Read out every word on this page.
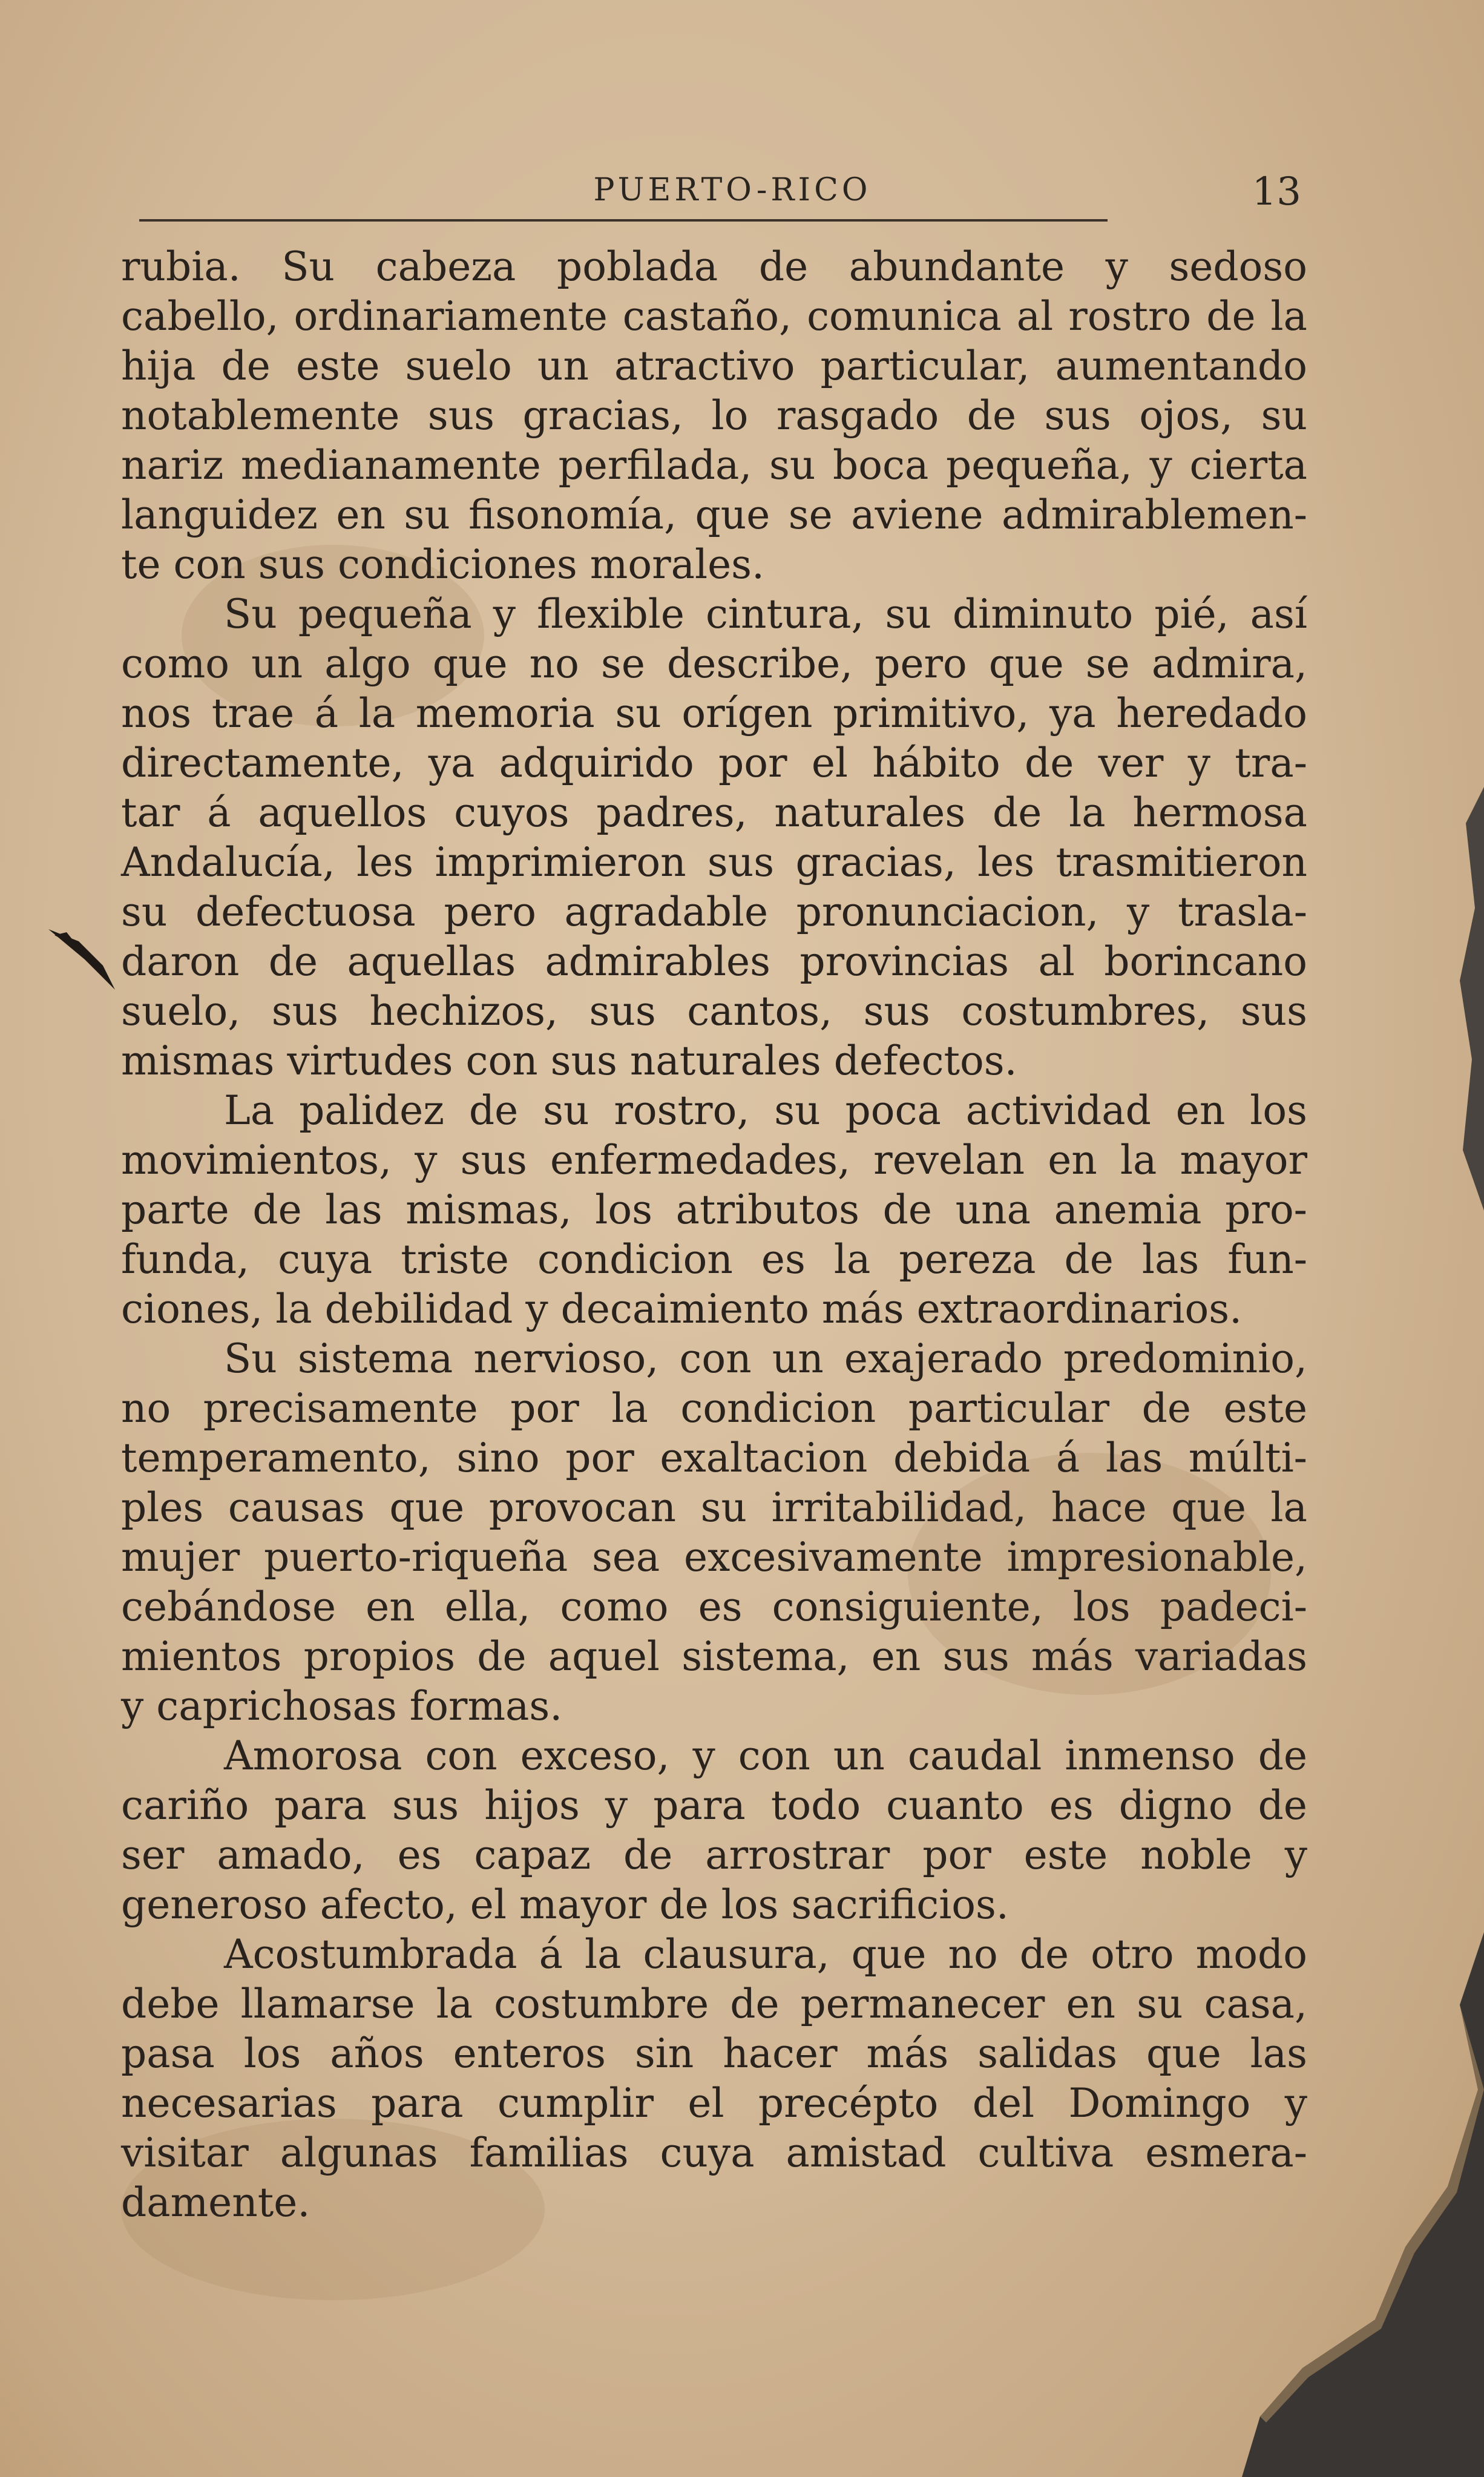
PUERTO-RICO	13
rubia. Su cabeza poblada de abundante y sedoso
cabello, ordinariamente castaño, comunica al rostro de la
hija de este suelo un atractivo particular, aumentando
notablemente sus gracias, lo rasgado de sus ojos, su
nariz medianamente perfilada, su boca pequeña, y cierta
languidez en su fisonomía, que se aviene admirablemen-
te con sus condiciones morales.
Su pequeña y flexible cintura, su diminuto pié, así
como un algo que no se describe, pero que se admira,
nos trae á la memoria su orígen primitivo, ya heredado
directamente, ya adquirido por el hábito de ver y tra-
tar á aquellos cuyos padres, naturales de la hermosa
Andalucía, les imprimieron sus gracias, les trasmitieron
su defectuosa pero agradable pronunciacion, y trasla-
daron de aquellas admirables provincias al borincano
suelo, sus hechizos, sus cantos, sus costumbres, sus
mismas virtudes con sus naturales defectos.
La palidez de su rostro, su poca actividad en los
movimientos, y sus enfermedades, revelan en la mayor
parte de las mismas, los atributos de una anemia pro-
funda, cuya triste condicion es la pereza de las fun-
ciones, la debilidad y decaimiento más extraordinarios.
Su sistema nervioso, con un exajerado predominio,
no precisamente por la condicion particular de este
temperamento, sino por exaltacion debida á las múlti-
ples causas que provocan su irritabilidad, hace que la
mujer puerto-riqueña sea excesivamente impresionable,
cebándose en ella, como es consiguiente, los padeci-
mientos propios de aquel sistema, en sus más variadas
y caprichosas formas.
Amorosa con exceso, y con un caudal inmenso de
cariño para sus hijos y para todo cuanto es digno de
ser amado, es capaz de arrostrar por este noble y
generoso afecto, el mayor de los sacrificios.
Acostumbrada á la clausura, que no de otro modo
debe llamarse la costumbre de permanecer en su casa,
pasa los años enteros sin hacer más salidas que las
necesarias para cumplir el precépto del Domingo y
visitar algunas familias cuya amistad cultiva esmera-
damente.
